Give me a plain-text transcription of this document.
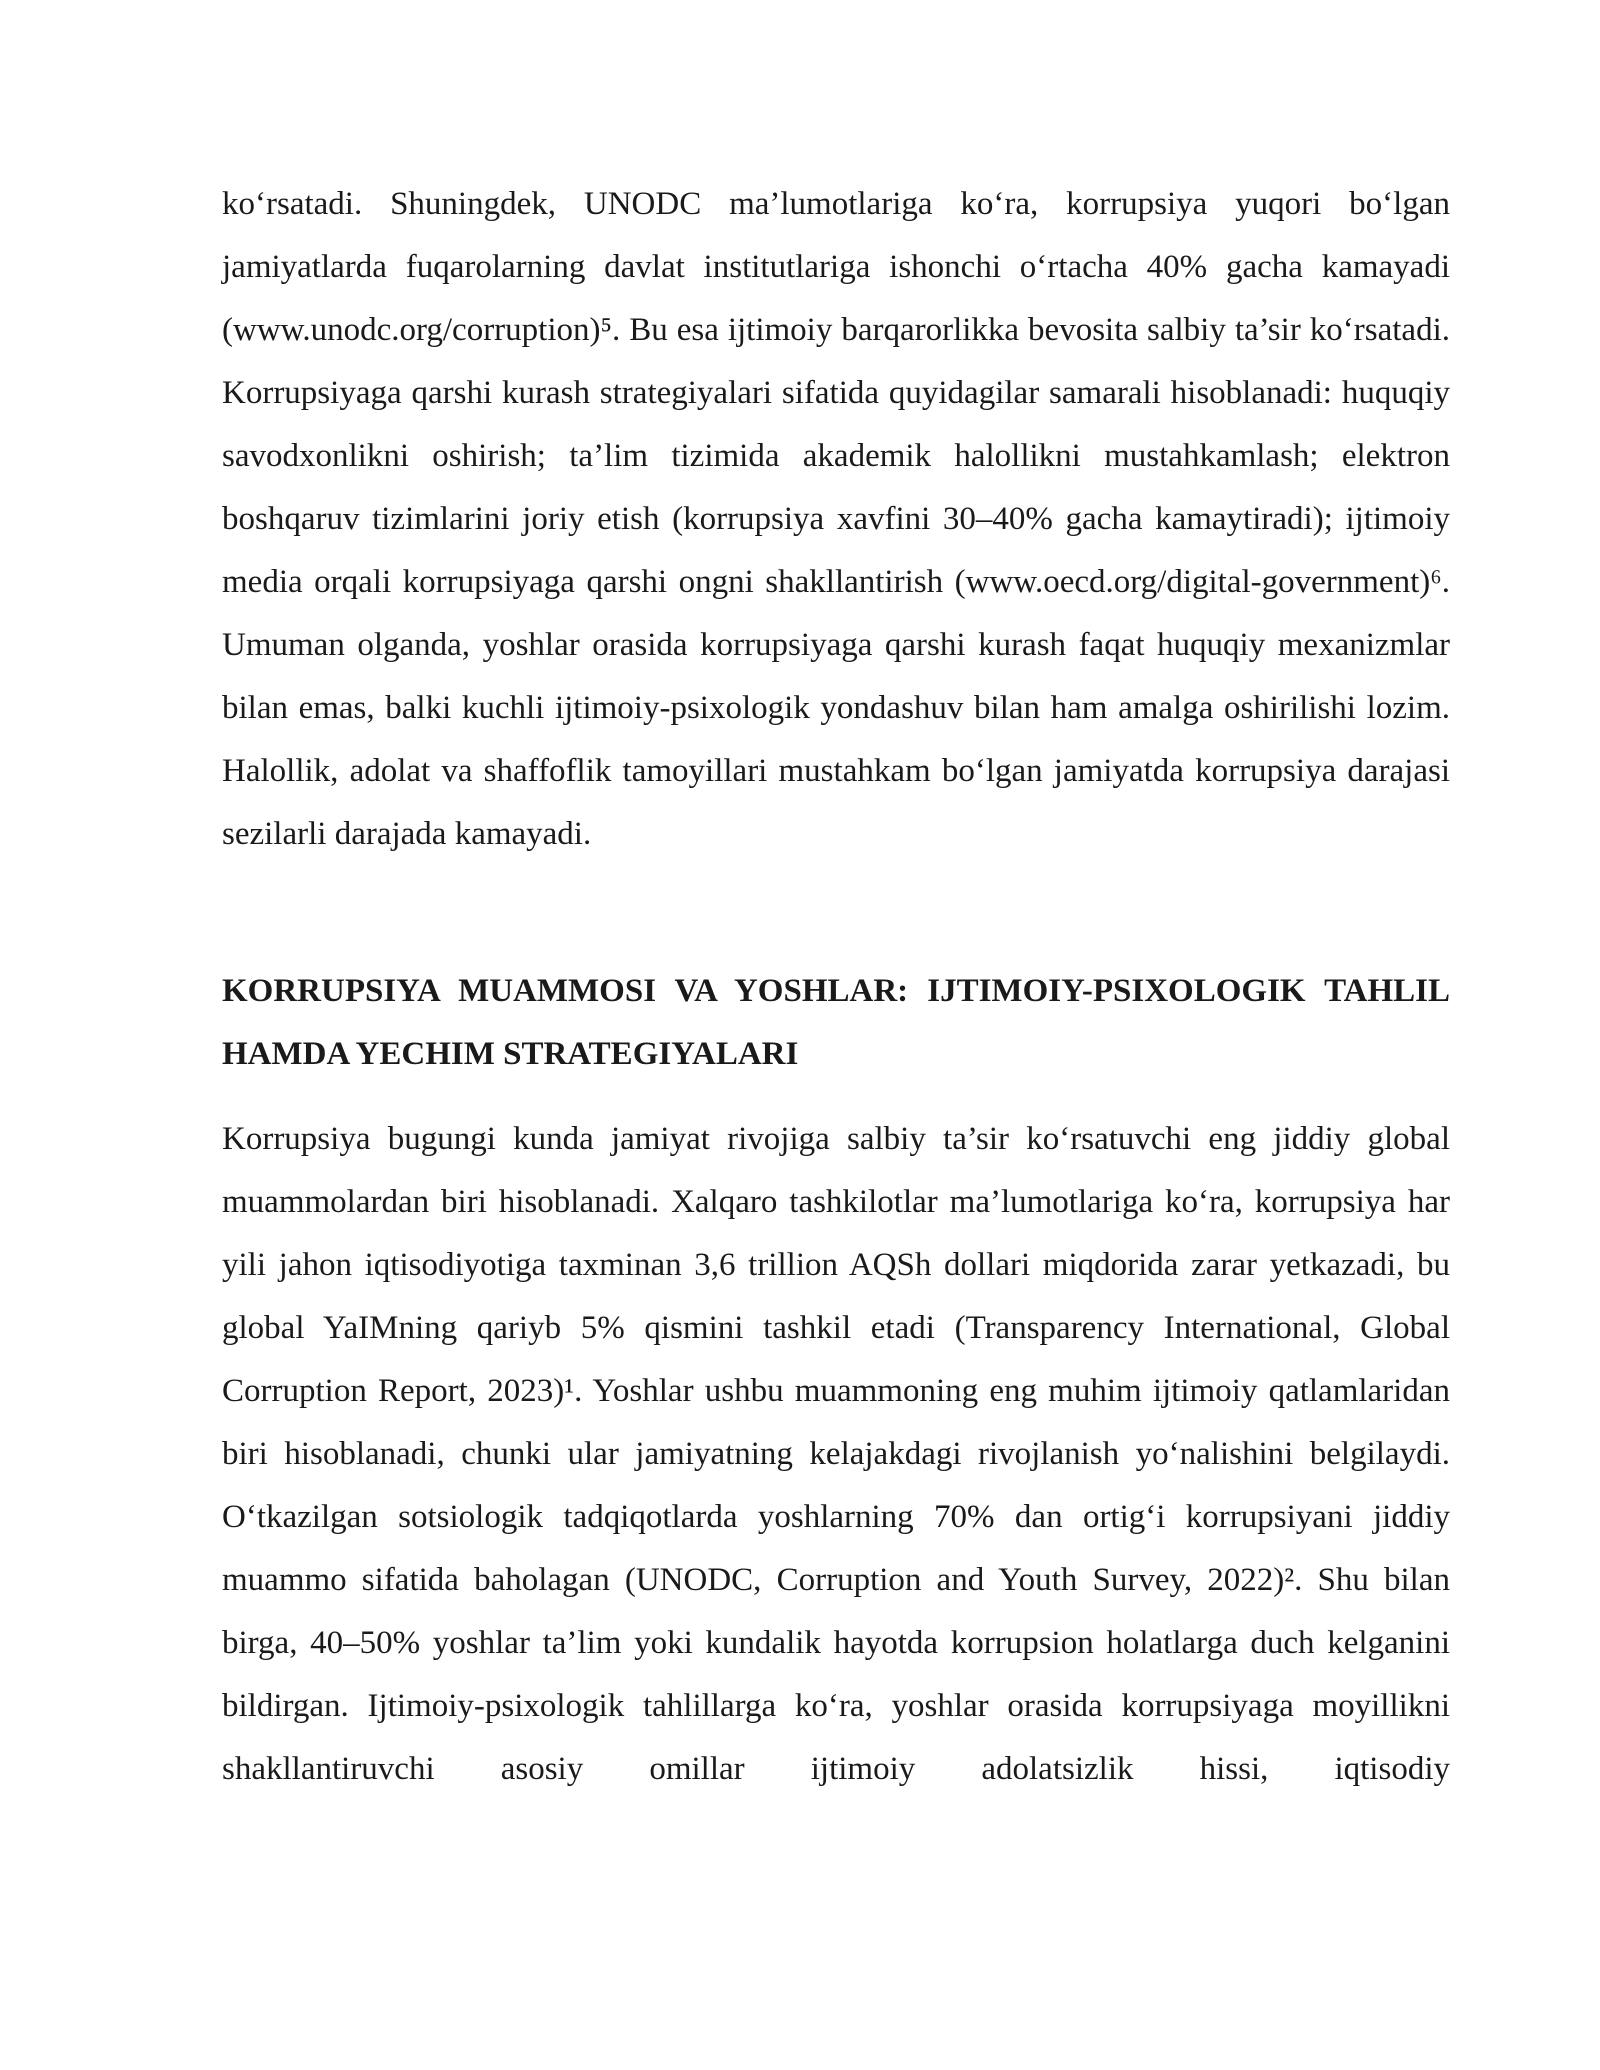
ko‘rsatadi. Shuningdek, UNODC ma’lumotlariga ko‘ra, korrupsiya yuqori bo‘lgan jamiyatlarda fuqarolarning davlat institutlariga ishonchi o‘rtacha 40% gacha kamayadi (www.unodc.org/corruption)⁵. Bu esa ijtimoiy barqarorlikka bevosita salbiy ta’sir ko‘rsatadi. Korrupsiyaga qarshi kurash strategiyalari sifatida quyidagilar samarali hisoblanadi: huquqiy savodxonlikni oshirish; ta’lim tizimida akademik halollikni mustahkamlash; elektron boshqaruv tizimlarini joriy etish (korrupsiya xavfini 30–40% gacha kamaytiradi); ijtimoiy media orqali korrupsiyaga qarshi ongni shakllantirish (www.oecd.org/digital-government)⁶. Umuman olganda, yoshlar orasida korrupsiyaga qarshi kurash faqat huquqiy mexanizmlar bilan emas, balki kuchli ijtimoiy-psixologik yondashuv bilan ham amalga oshirilishi lozim. Halollik, adolat va shaffoflik tamoyillari mustahkam bo‘lgan jamiyatda korrupsiya darajasi sezilarli darajada kamayadi.

KORRUPSIYA MUAMMOSI VA YOSHLAR: IJTIMOIY-PSIXOLOGIK TAHLIL HAMDA YECHIM STRATEGIYALARI

Korrupsiya bugungi kunda jamiyat rivojiga salbiy ta’sir ko‘rsatuvchi eng jiddiy global muammolardan biri hisoblanadi. Xalqaro tashkilotlar ma’lumotlariga ko‘ra, korrupsiya har yili jahon iqtisodiyotiga taxminan 3,6 trillion AQSh dollari miqdorida zarar yetkazadi, bu global YaIMning qariyb 5% qismini tashkil etadi (Transparency International, Global Corruption Report, 2023)¹. Yoshlar ushbu muammoning eng muhim ijtimoiy qatlamlaridan biri hisoblanadi, chunki ular jamiyatning kelajakdagi rivojlanish yo‘nalishini belgilaydi. O‘tkazilgan sotsiologik tadqiqotlarda yoshlarning 70% dan ortig‘i korrupsiyani jiddiy muammo sifatida baholagan (UNODC, Corruption and Youth Survey, 2022)². Shu bilan birga, 40–50% yoshlar ta’lim yoki kundalik hayotda korrupsion holatlarga duch kelganini bildirgan. Ijtimoiy-psixologik tahlillarga ko‘ra, yoshlar orasida korrupsiyaga moyillikni shakllantiruvchi asosiy omillar ijtimoiy adolatsizlik hissi, iqtisodiy
